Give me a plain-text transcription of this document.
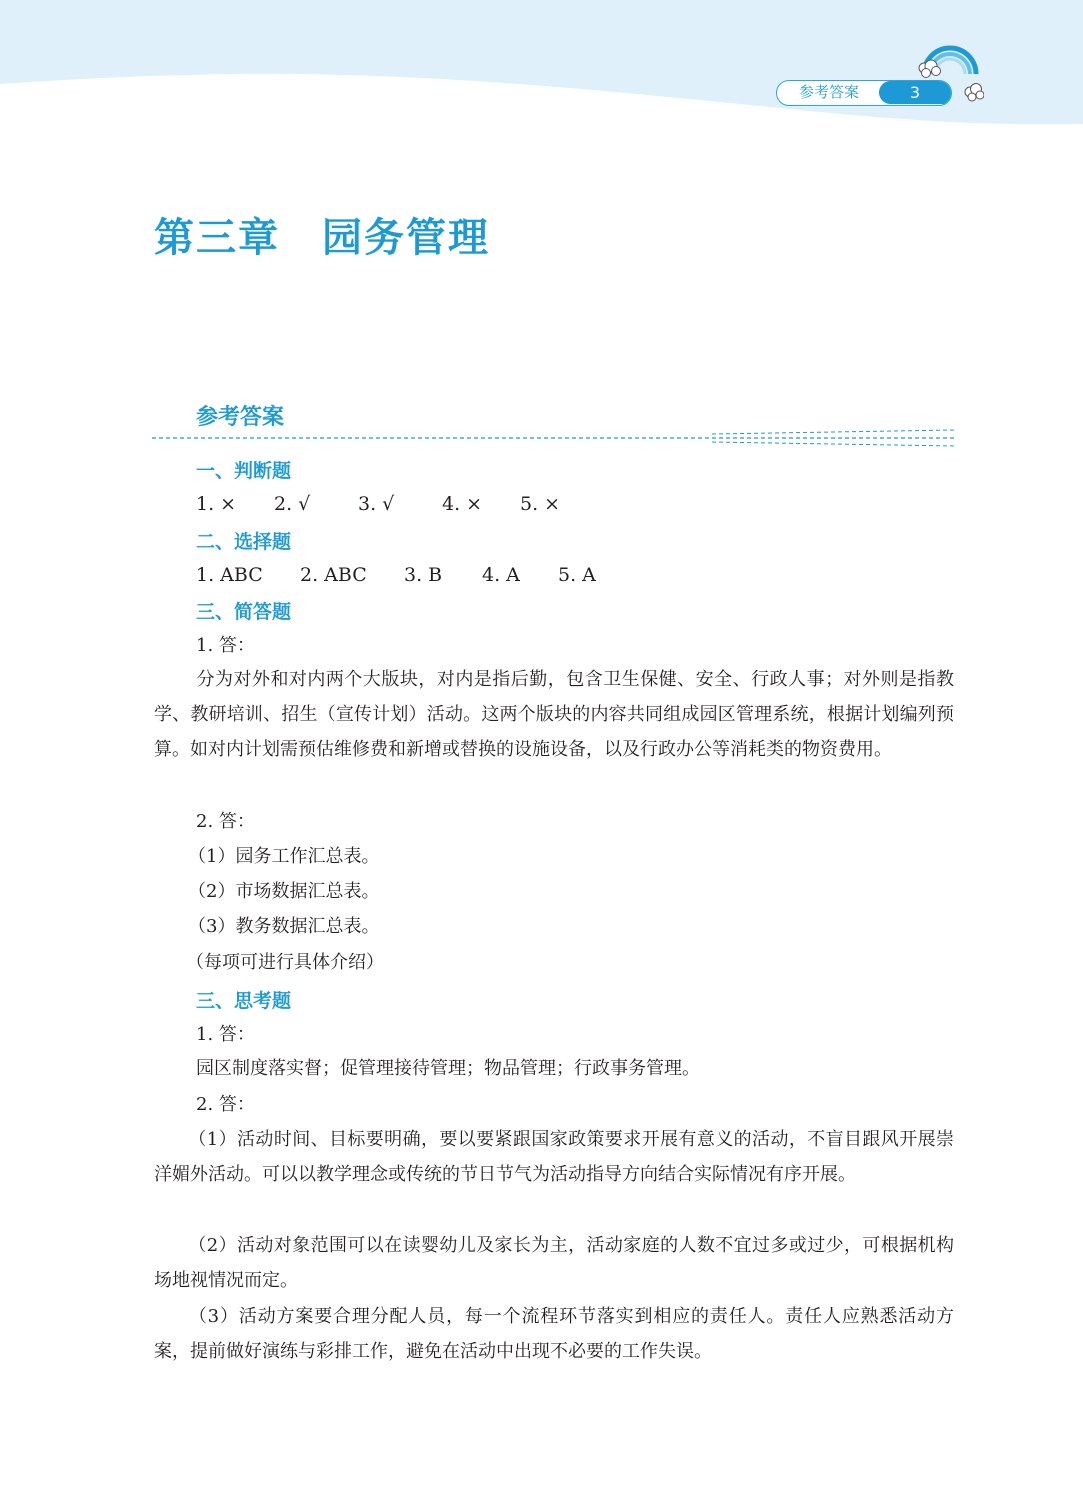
参考答案	3
第三章　园务管理
参考答案
一、判断题
1. × 2. √	3. √	4. × 5. ×
二、选择题
1. ABC 2. ABC 3. B 4. A 5. A
三、简答题
1. 答：
分为对外和对内两个大版块，对内是指后勤，包含卫生保健、安全、行政人事；对外则是指教学、教研培训、招生（宣传计划）活动。这两个版块的内容共同组成园区管理系统，根据计划编列预算。如对内计划需预估维修费和新增或替换的设施设备，以及行政办公等消耗类的物资费用。
2. 答：
（1）园务工作汇总表。
（2）市场数据汇总表。
（3）教务数据汇总表。
（每项可进行具体介绍）
三、思考题
1. 答：
园区制度落实督；促管理接待管理；物品管理；行政事务管理。
2. 答：
（1）活动时间、目标要明确，要以要紧跟国家政策要求开展有意义的活动，不盲目跟风开展崇洋媚外活动。可以以教学理念或传统的节日节气为活动指导方向结合实际情况有序开展。
（2）活动对象范围可以在读婴幼儿及家长为主，活动家庭的人数不宜过多或过少，可根据机构场地视情况而定。
（3）活动方案要合理分配人员，每一个流程环节落实到相应的责任人。责任人应熟悉活动方案，提前做好演练与彩排工作，避免在活动中出现不必要的工作失误。
